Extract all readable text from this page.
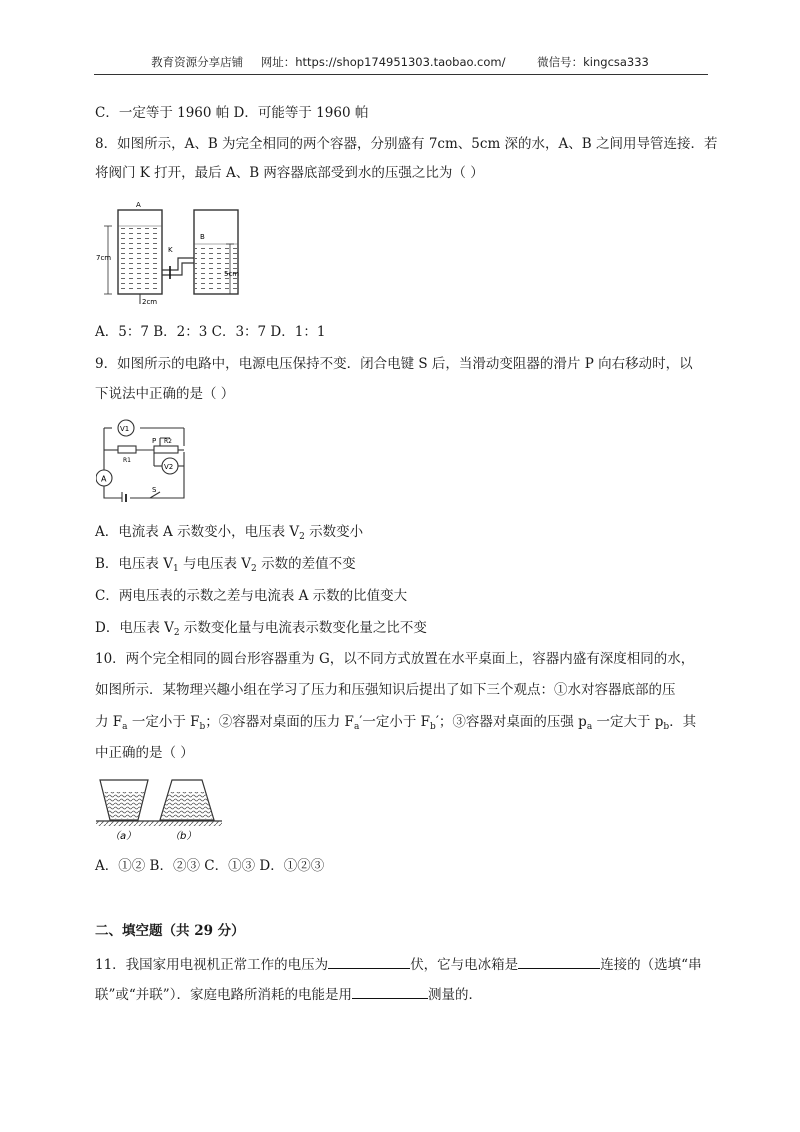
教育资源分享店铺 网址：https://shop174951303.taobao.com/	微信号：kingcsa333
C．一定等于 1960 帕 D．可能等于 1960 帕
8．如图所示，A、B 为完全相同的两个容器，分别盛有 7cm、5cm 深的水，A、B 之间用导管连接．若
将阀门 K 打开，最后 A、B 两容器底部受到水的压强之比为（ ）
A
B
K
7cm
5cm
2cm
A．5：7 B．2：3 C．3：7 D．1：1
9．如图所示的电路中，电源电压保持不变．闭合电键 S 后，当滑动变阻器的滑片 P 向右移动时，以
下说法中正确的是（ ）
A
V1
V2
P R2
R1
S
A．电流表 A 示数变小，电压表 $V_2$ 示数变小
B．电压表 $V_1$ 与电压表 $V_2$ 示数的差值不变
C．两电压表的示数之差与电流表 A 示数的比值变大
D．电压表 $V_2$ 示数变化量与电流表示数变化量之比不变
10．两个完全相同的圆台形容器重为 G，以不同方式放置在水平桌面上，容器内盛有深度相同的水，
如图所示．某物理兴趣小组在学习了压力和压强知识后提出了如下三个观点：①水对容器底部的压
力 $F_a$ 一定小于 $F_b$；②容器对桌面的压力 $F_a'$一定小于 $F_b'$；③容器对桌面的压强 $p_a$ 一定大于 $p_b$．其
中正确的是（ ）
（a）	（b）
A．①② B．②③ C．①③ D．①②③
二、填空题（共 29 分）
11．我国家用电视机正常工作的电压为	伏，它与电冰箱是	连接的（选填“串
联”或“并联”）．家庭电路所消耗的电能是用	测量的．
